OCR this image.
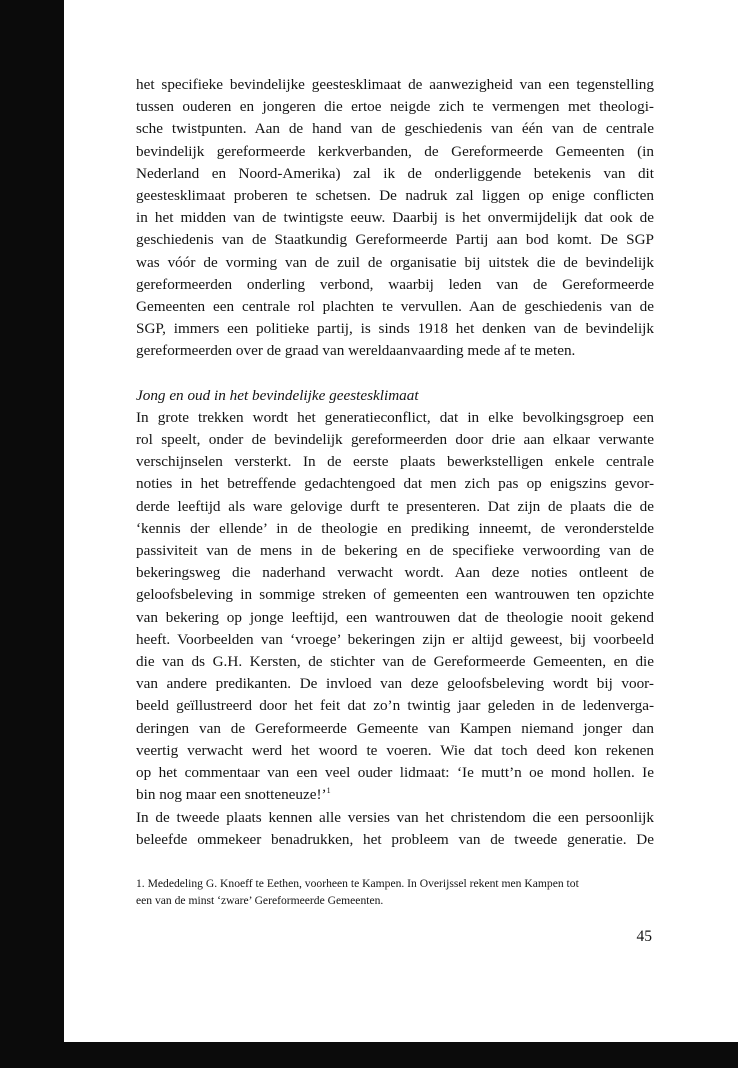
het specifieke bevindelijke geestesklimaat de aanwezigheid van een tegenstelling
tussen ouderen en jongeren die ertoe neigde zich te vermengen met theologi-
sche twistpunten. Aan de hand van de geschiedenis van één van de centrale
bevindelijk gereformeerde kerkverbanden, de Gereformeerde Gemeenten (in
Nederland en Noord-Amerika) zal ik de onderliggende betekenis van dit
geestesklimaat proberen te schetsen. De nadruk zal liggen op enige conflicten
in het midden van de twintigste eeuw. Daarbij is het onvermijdelijk dat ook de
geschiedenis van de Staatkundig Gereformeerde Partij aan bod komt. De SGP
was vóór de vorming van de zuil de organisatie bij uitstek die de bevindelijk
gereformeerden onderling verbond, waarbij leden van de Gereformeerde
Gemeenten een centrale rol plachten te vervullen. Aan de geschiedenis van de
SGP, immers een politieke partij, is sinds 1918 het denken van de bevindelijk
gereformeerden over de graad van wereldaanvaarding mede af te meten.
Jong en oud in het bevindelijke geestesklimaat
In grote trekken wordt het generatieconflict, dat in elke bevolkingsgroep een
rol speelt, onder de bevindelijk gereformeerden door drie aan elkaar verwante
verschijnselen versterkt. In de eerste plaats bewerkstelligen enkele centrale
noties in het betreffende gedachtengoed dat men zich pas op enigszins gevor-
derde leeftijd als ware gelovige durft te presenteren. Dat zijn de plaats die de
‘kennis der ellende’ in de theologie en prediking inneemt, de veronderstelde
passiviteit van de mens in de bekering en de specifieke verwoording van de
bekeringsweg die naderhand verwacht wordt. Aan deze noties ontleent de
geloofsbeleving in sommige streken of gemeenten een wantrouwen ten opzichte
van bekering op jonge leeftijd, een wantrouwen dat de theologie nooit gekend
heeft. Voorbeelden van ‘vroege’ bekeringen zijn er altijd geweest, bij voorbeeld
die van ds G.H. Kersten, de stichter van de Gereformeerde Gemeenten, en die
van andere predikanten. De invloed van deze geloofsbeleving wordt bij voor-
beeld geïllustreerd door het feit dat zo’n twintig jaar geleden in de ledenverga-
deringen van de Gereformeerde Gemeente van Kampen niemand jonger dan
veertig verwacht werd het woord te voeren. Wie dat toch deed kon rekenen
op het commentaar van een veel ouder lidmaat: ‘Ie mutt’n oe mond hollen. Ie
bin nog maar een snotteneuze!’$^1$
In de tweede plaats kennen alle versies van het christendom die een persoonlijk
beleefde ommekeer benadrukken, het probleem van de tweede generatie. De
1. Mededeling G. Knoeff te Eethen, voorheen te Kampen. In Overijssel rekent men Kampen tot
een van de minst ‘zware’ Gereformeerde Gemeenten.
45
